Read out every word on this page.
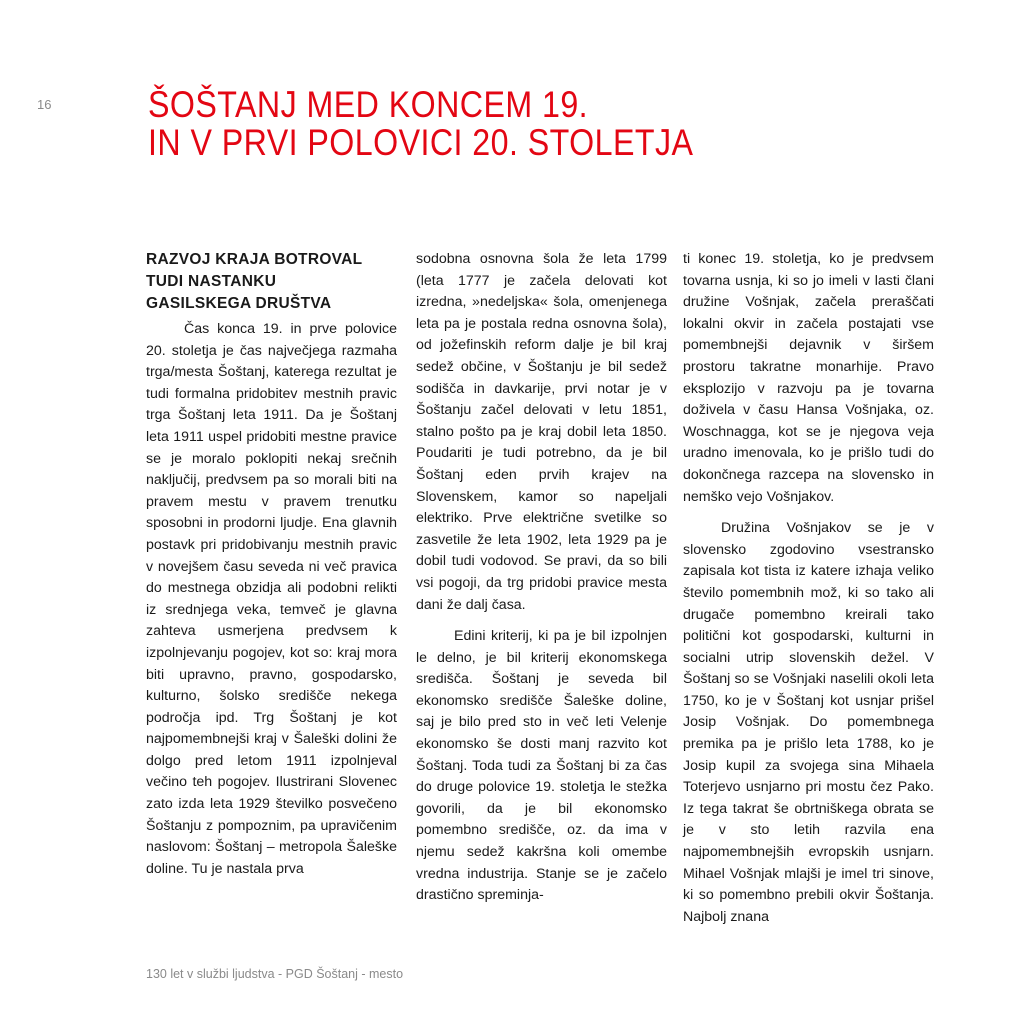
16	ŠOŠTANJ MED KONCEM 19.
IN V PRVI POLOVICI 20. STOLETJA
RAZVOJ KRAJA BOTROVAL
TUDI NASTANKU
GASILSKEGA DRUŠTVA

Čas konca 19. in prve polovice 20. stoletja je čas največjega razmaha trga/mesta Šoštanj, katerega rezultat je tudi formalna pridobitev mestnih pravic trga Šoštanj leta 1911. Da je Šoštanj leta 1911 uspel pridobiti mestne pravice se je moralo poklopiti nekaj srečnih naključij, predvsem pa so morali biti na pravem mestu v pravem trenutku sposobni in prodorni ljudje. Ena glavnih postavk pri pridobivanju mestnih pravic v novejšem času seveda ni več pravica do mestnega obzidja ali podobni relikti iz srednjega veka, temveč je glavna zahteva usmerjena predvsem k izpolnjevanju pogojev, kot so: kraj mora biti upravno, pravno, gospodarsko, kulturno, šolsko središče nekega področja ipd. Trg Šoštanj je kot najpomembnejši kraj v Šaleški dolini že dolgo pred letom 1911 izpolnjeval večino teh pogojev. Ilustrirani Slovenec zato izda leta 1929 številko posvečeno Šoštanju z pompoznim, pa upravičenim naslovom: Šoštanj – metropola Šaleške doline. Tu je nastala prva

sodobna osnovna šola že leta 1799 (leta 1777 je začela delovati kot izredna, »nedeljska« šola, omenjenega leta pa je postala redna osnovna šola), od jožefinskih reform dalje je bil kraj sedež občine, v Šoštanju je bil sedež sodišča in davkarije, prvi notar je v Šoštanju začel delovati v letu 1851, stalno pošto pa je kraj dobil leta 1850. Poudariti je tudi potrebno, da je bil Šoštanj eden prvih krajev na Slovenskem, kamor so napeljali elektriko. Prve električne svetilke so zasvetile že leta 1902, leta 1929 pa je dobil tudi vodovod. Se pravi, da so bili vsi pogoji, da trg pridobi pravice mesta dani že dalj časa.

Edini kriterij, ki pa je bil izpolnjen le delno, je bil kriterij ekonomskega središča. Šoštanj je seveda bil ekonomsko središče Šaleške doline, saj je bilo pred sto in več leti Velenje ekonomsko še dosti manj razvito kot Šoštanj. Toda tudi za Šoštanj bi za čas do druge polovice 19. stoletja le stežka govorili, da je bil ekonomsko pomembno središče, oz. da ima v njemu sedež kakršna koli omembe vredna industrija. Stanje se je začelo drastično spreminja-

ti konec 19. stoletja, ko je predvsem tovarna usnja, ki so jo imeli v lasti člani družine Vošnjak, začela preraščati lokalni okvir in začela postajati vse pomembnejši dejavnik v širšem prostoru takratne monarhije. Pravo eksplozijo v razvoju pa je tovarna doživela v času Hansa Vošnjaka, oz. Woschnagga, kot se je njegova veja uradno imenovala, ko je prišlo tudi do dokončnega razcepa na slovensko in nemško vejo Vošnjakov.

Družina Vošnjakov se je v slovensko zgodovino vsestransko zapisala kot tista iz katere izhaja veliko število pomembnih mož, ki so tako ali drugače pomembno kreirali tako politični kot gospodarski, kulturni in socialni utrip slovenskih dežel. V Šoštanj so se Vošnjaki naselili okoli leta 1750, ko je v Šoštanj kot usnjar prišel Josip Vošnjak. Do pomembnega premika pa je prišlo leta 1788, ko je Josip kupil za svojega sina Mihaela Toterjevo usnjarno pri mostu čez Pako. Iz tega takrat še obrtniškega obrata se je v sto letih razvila ena najpomembnejših evropskih usnjarn. Mihael Vošnjak mlajši je imel tri sinove, ki so pomembno prebili okvir Šoštanja. Najbolj znana

130 let v službi ljudstva - PGD Šoštanj - mesto
